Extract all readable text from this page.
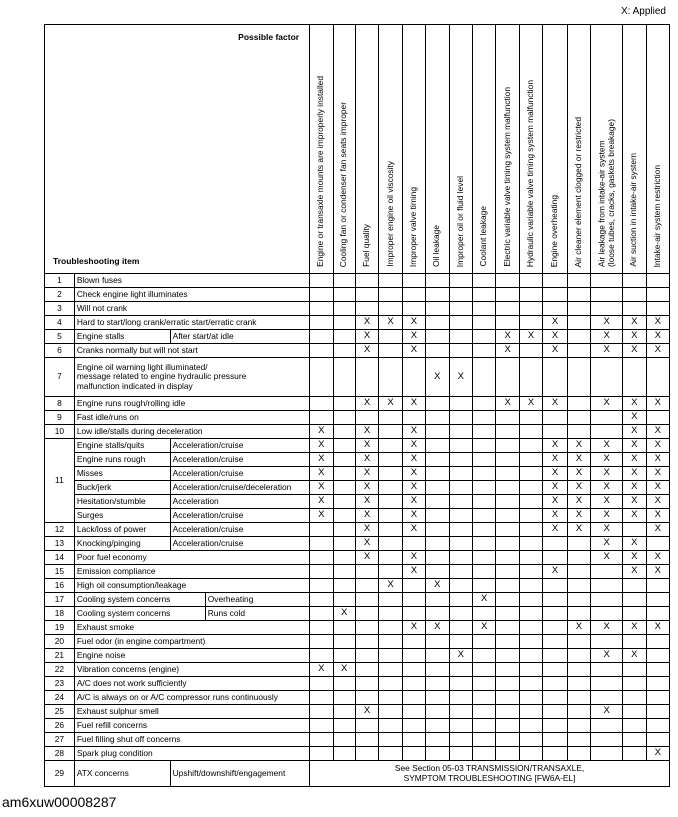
X: Applied
Possible factor
Troubleshooting item				Engine or transaxle mounts are improperly installed	Cooling fan or condenser fan seats improper	Fuel quality	Improper engine oil viscosity	Improper valve timing	Oil leakage	Improper oil or fluid level	Coolant leakage	Electric variable valve timing system malfunction	Hydraulic variable valve timing system malfunction	Engine overheating	Air cleaner element clogged or restricted	Air leakage from intake-air system
(loose tubes, cracks, gaskets breakage)	Air suction in intake-air system	Intake-air system restriction

1	Blown fuses																	
2	Check engine light illuminates																	
3	Will not crank																	
4	Hard to start/long crank/erratic start/erratic crank					X	X	X						X		X	X	X
5	Engine stalls	After start/at idle				X		X				X	X	X		X	X	X
6	Cranks normally but will not start					X		X				X		X		X	X	X
7	Engine oil warning light illuminated/
message related to engine hydraulic pressure
malfunction indicated in display								X	X								
8	Engine runs rough/rolling idle					X	X	X				X	X	X		X	X	X
9	Fast idle/runs on																X	
10	Low idle/stalls during deceleration			X		X		X									X	X
11	Engine stalls/quits	Acceleration/cruise		X		X		X						X	X	X	X	X
	Engine runs rough	Acceleration/cruise		X		X		X						X	X	X	X	X
	Misses	Acceleration/cruise		X		X		X						X	X	X	X	X
	Buck/jerk	Acceleration/cruise/deceleration		X		X		X						X	X	X	X	X
	Hesitation/stumble	Acceleration		X		X		X						X	X	X	X	X
	Surges	Acceleration/cruise		X		X		X						X	X	X	X	X
12	Lack/loss of power	Acceleration/cruise				X		X						X	X	X		X
13	Knocking/pinging	Acceleration/cruise				X										X	X	
14	Poor fuel economy					X		X								X	X	X
15	Emission compliance							X						X			X	X
16	High oil consumption/leakage						X		X									
17	Cooling system concerns		Overheating								X							
18	Cooling system concerns		Runs cold		X													
19	Exhaust smoke							X	X		X				X	X	X	X
20	Fuel odor (in engine compartment)																	
21	Engine noise									X						X	X	
22	Vibration concerns (engine)			X	X													
23	A/C does not work sufficiently																	
24	A/C is always on or A/C compressor runs continuously																	
25	Exhaust sulphur smell					X										X		
26	Fuel refill concerns																	
27	Fuel filling shut off concerns																	
28	Spark plug condition																	X
29	ATX concerns	Upshift/downshift/engagement		See Section 05-03 TRANSMISSION/TRANSAXLE,
SYMPTOM TROUBLESHOOTING [FW6A-EL]														
am6xuw00008287
